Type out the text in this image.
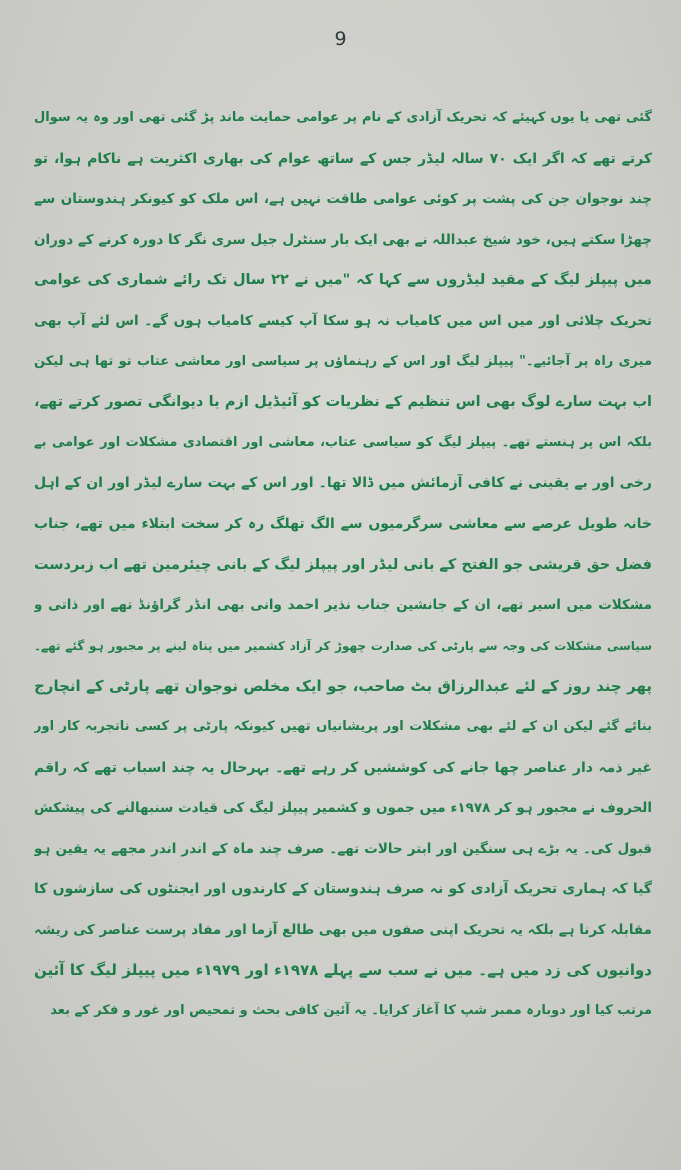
9
گئی تھی یا یوں کہیئے کہ تحریک آزادی کے نام پر عوامی حمایت ماند پڑ گئی تھی اور وہ یہ سوال
کرتے تھے کہ اگر ایک ۷۰ سالہ لیڈر جس کے ساتھ عوام کی بھاری اکثریت ہے ناکام ہوا، تو
چند نوجوان جن کی پشت پر کوئی عوامی طاقت نہیں ہے، اس ملک کو کیونکر ہندوستان سے
چھڑا سکتے ہیں، خود شیخ عبداللہ نے بھی ایک بار سنٹرل جیل سری نگر کا دورہ کرنے کے دوران
میں پیپلز لیگ کے مقید لیڈروں سے کہا کہ "میں نے ۲۲ سال تک رائے شماری کی عوامی
تحریک چلائی اور میں اس میں کامیاب نہ ہو سکا آپ کیسے کامیاب ہوں گے۔ اس لئے آپ بھی
میری راہ پر آجائیے۔" پیپلز لیگ اور اس کے رہنماؤں پر سیاسی اور معاشی عتاب تو تھا ہی لیکن
اب بہت سارے لوگ بھی اس تنظیم کے نظریات کو آئیڈیل ازم یا دیوانگی تصور کرتے تھے،
بلکہ اس پر ہنستے تھے۔ پیپلز لیگ کو سیاسی عتاب، معاشی اور اقتصادی مشکلات اور عوامی بے
رخی اور بے یقینی نے کافی آزمائش میں ڈالا تھا۔ اور اس کے بہت سارے لیڈر اور ان کے اہل
خانہ طویل عرصے سے معاشی سرگرمیوں سے الگ تھلگ رہ کر سخت ابتلاء میں تھے، جناب
فضل حق قریشی جو الفتح کے بانی لیڈر اور پیپلز لیگ کے بانی چیئرمین تھے اب زبردست
مشکلات میں اسیر تھے، ان کے جانشین جناب نذیر احمد وانی بھی انڈر گراؤنڈ تھے اور ذاتی و
سیاسی مشکلات کی وجہ سے پارٹی کی صدارت چھوڑ کر آزاد کشمیر میں پناہ لینے پر مجبور ہو گئے تھے۔
پھر چند روز کے لئے عبدالرزاق بٹ صاحب، جو ایک مخلص نوجوان تھے پارٹی کے انچارج
بنائے گئے لیکن ان کے لئے بھی مشکلات اور پریشانیاں تھیں کیونکہ پارٹی پر کسی ناتجربہ کار اور
غیر ذمہ دار عناصر چھا جانے کی کوششیں کر رہے تھے۔ بہرحال یہ چند اسباب تھے کہ راقم
الحروف نے مجبور ہو کر ۱۹۷۸ء میں جموں و کشمیر پیپلز لیگ کی قیادت سنبھالنے کی پیشکش
قبول کی۔ یہ بڑے ہی سنگین اور ابتر حالات تھے۔ صرف چند ماہ کے اندر اندر مجھے یہ یقین ہو
گیا کہ ہماری تحریک آزادی کو نہ صرف ہندوستان کے کارندوں اور ایجنٹوں کی سازشوں کا
مقابلہ کرنا ہے بلکہ یہ تحریک اپنی صفوں میں بھی طالع آزما اور مفاد پرست عناصر کی ریشہ
دوانیوں کی زد میں ہے۔ میں نے سب سے پہلے ۱۹۷۸ء اور ۱۹۷۹ء میں پیپلز لیگ کا آئین
مرتب کیا اور دوبارہ ممبر شپ کا آغاز کرایا۔ یہ آئین کافی بحث و تمحیص اور غور و فکر کے بعد
